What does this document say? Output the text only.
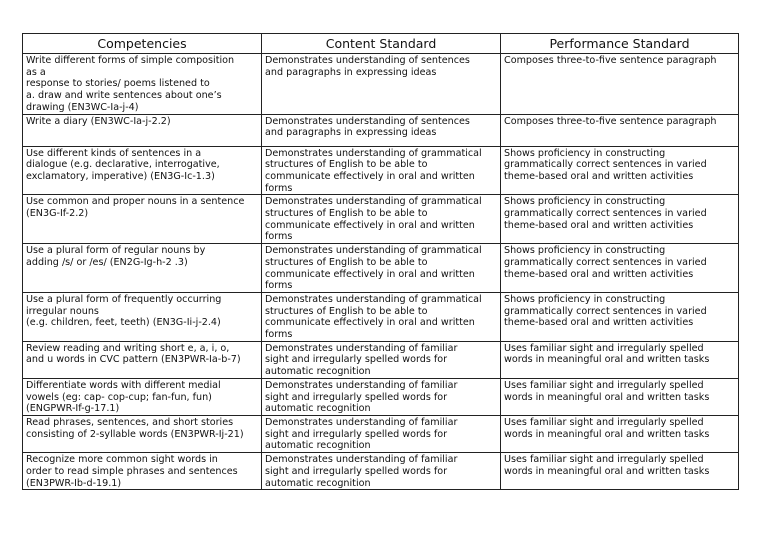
Competencies	Content Standard	Performance Standard
Write different forms of simple composition
as a
response to stories/ poems listened to
a. draw and write sentences about one’s
drawing (EN3WC-Ia-j-4)	Demonstrates understanding of sentences
and paragraphs in expressing ideas	Composes three-to-five sentence paragraph
Write a diary (EN3WC-Ia-j-2.2)	Demonstrates understanding of sentences
and paragraphs in expressing ideas	Composes three-to-five sentence paragraph
Use different kinds of sentences in a
dialogue (e.g. declarative, interrogative,
exclamatory, imperative) (EN3G-Ic-1.3)	Demonstrates understanding of grammatical
structures of English to be able to
communicate effectively in oral and written
forms	Shows proficiency in constructing
grammatically correct sentences in varied
theme-based oral and written activities
Use common and proper nouns in a sentence
(EN3G-If-2.2)	Demonstrates understanding of grammatical
structures of English to be able to
communicate effectively in oral and written
forms	Shows proficiency in constructing
grammatically correct sentences in varied
theme-based oral and written activities
Use a plural form of regular nouns by
adding /s/ or /es/ (EN2G-Ig-h-2 .3)	Demonstrates understanding of grammatical
structures of English to be able to
communicate effectively in oral and written
forms	Shows proficiency in constructing
grammatically correct sentences in varied
theme-based oral and written activities
Use a plural form of frequently occurring
irregular nouns
(e.g. children, feet, teeth) (EN3G-Ii-j-2.4)	Demonstrates understanding of grammatical
structures of English to be able to
communicate effectively in oral and written
forms	Shows proficiency in constructing
grammatically correct sentences in varied
theme-based oral and written activities
Review reading and writing short e, a, i, o,
and u words in CVC pattern (EN3PWR-Ia-b-7)	Demonstrates understanding of familiar
sight and irregularly spelled words for
automatic recognition	Uses familiar sight and irregularly spelled
words in meaningful oral and written tasks
Differentiate words with different medial
vowels (eg: cap- cop-cup; fan-fun, fun)
(ENGPWR-If-g-17.1)	Demonstrates understanding of familiar
sight and irregularly spelled words for
automatic recognition	Uses familiar sight and irregularly spelled
words in meaningful oral and written tasks
Read phrases, sentences, and short stories
consisting of 2-syllable words (EN3PWR-Ij-21)	Demonstrates understanding of familiar
sight and irregularly spelled words for
automatic recognition	Uses familiar sight and irregularly spelled
words in meaningful oral and written tasks
Recognize more common sight words in
order to read simple phrases and sentences
(EN3PWR-Ib-d-19.1)	Demonstrates understanding of familiar
sight and irregularly spelled words for
automatic recognition	Uses familiar sight and irregularly spelled
words in meaningful oral and written tasks
